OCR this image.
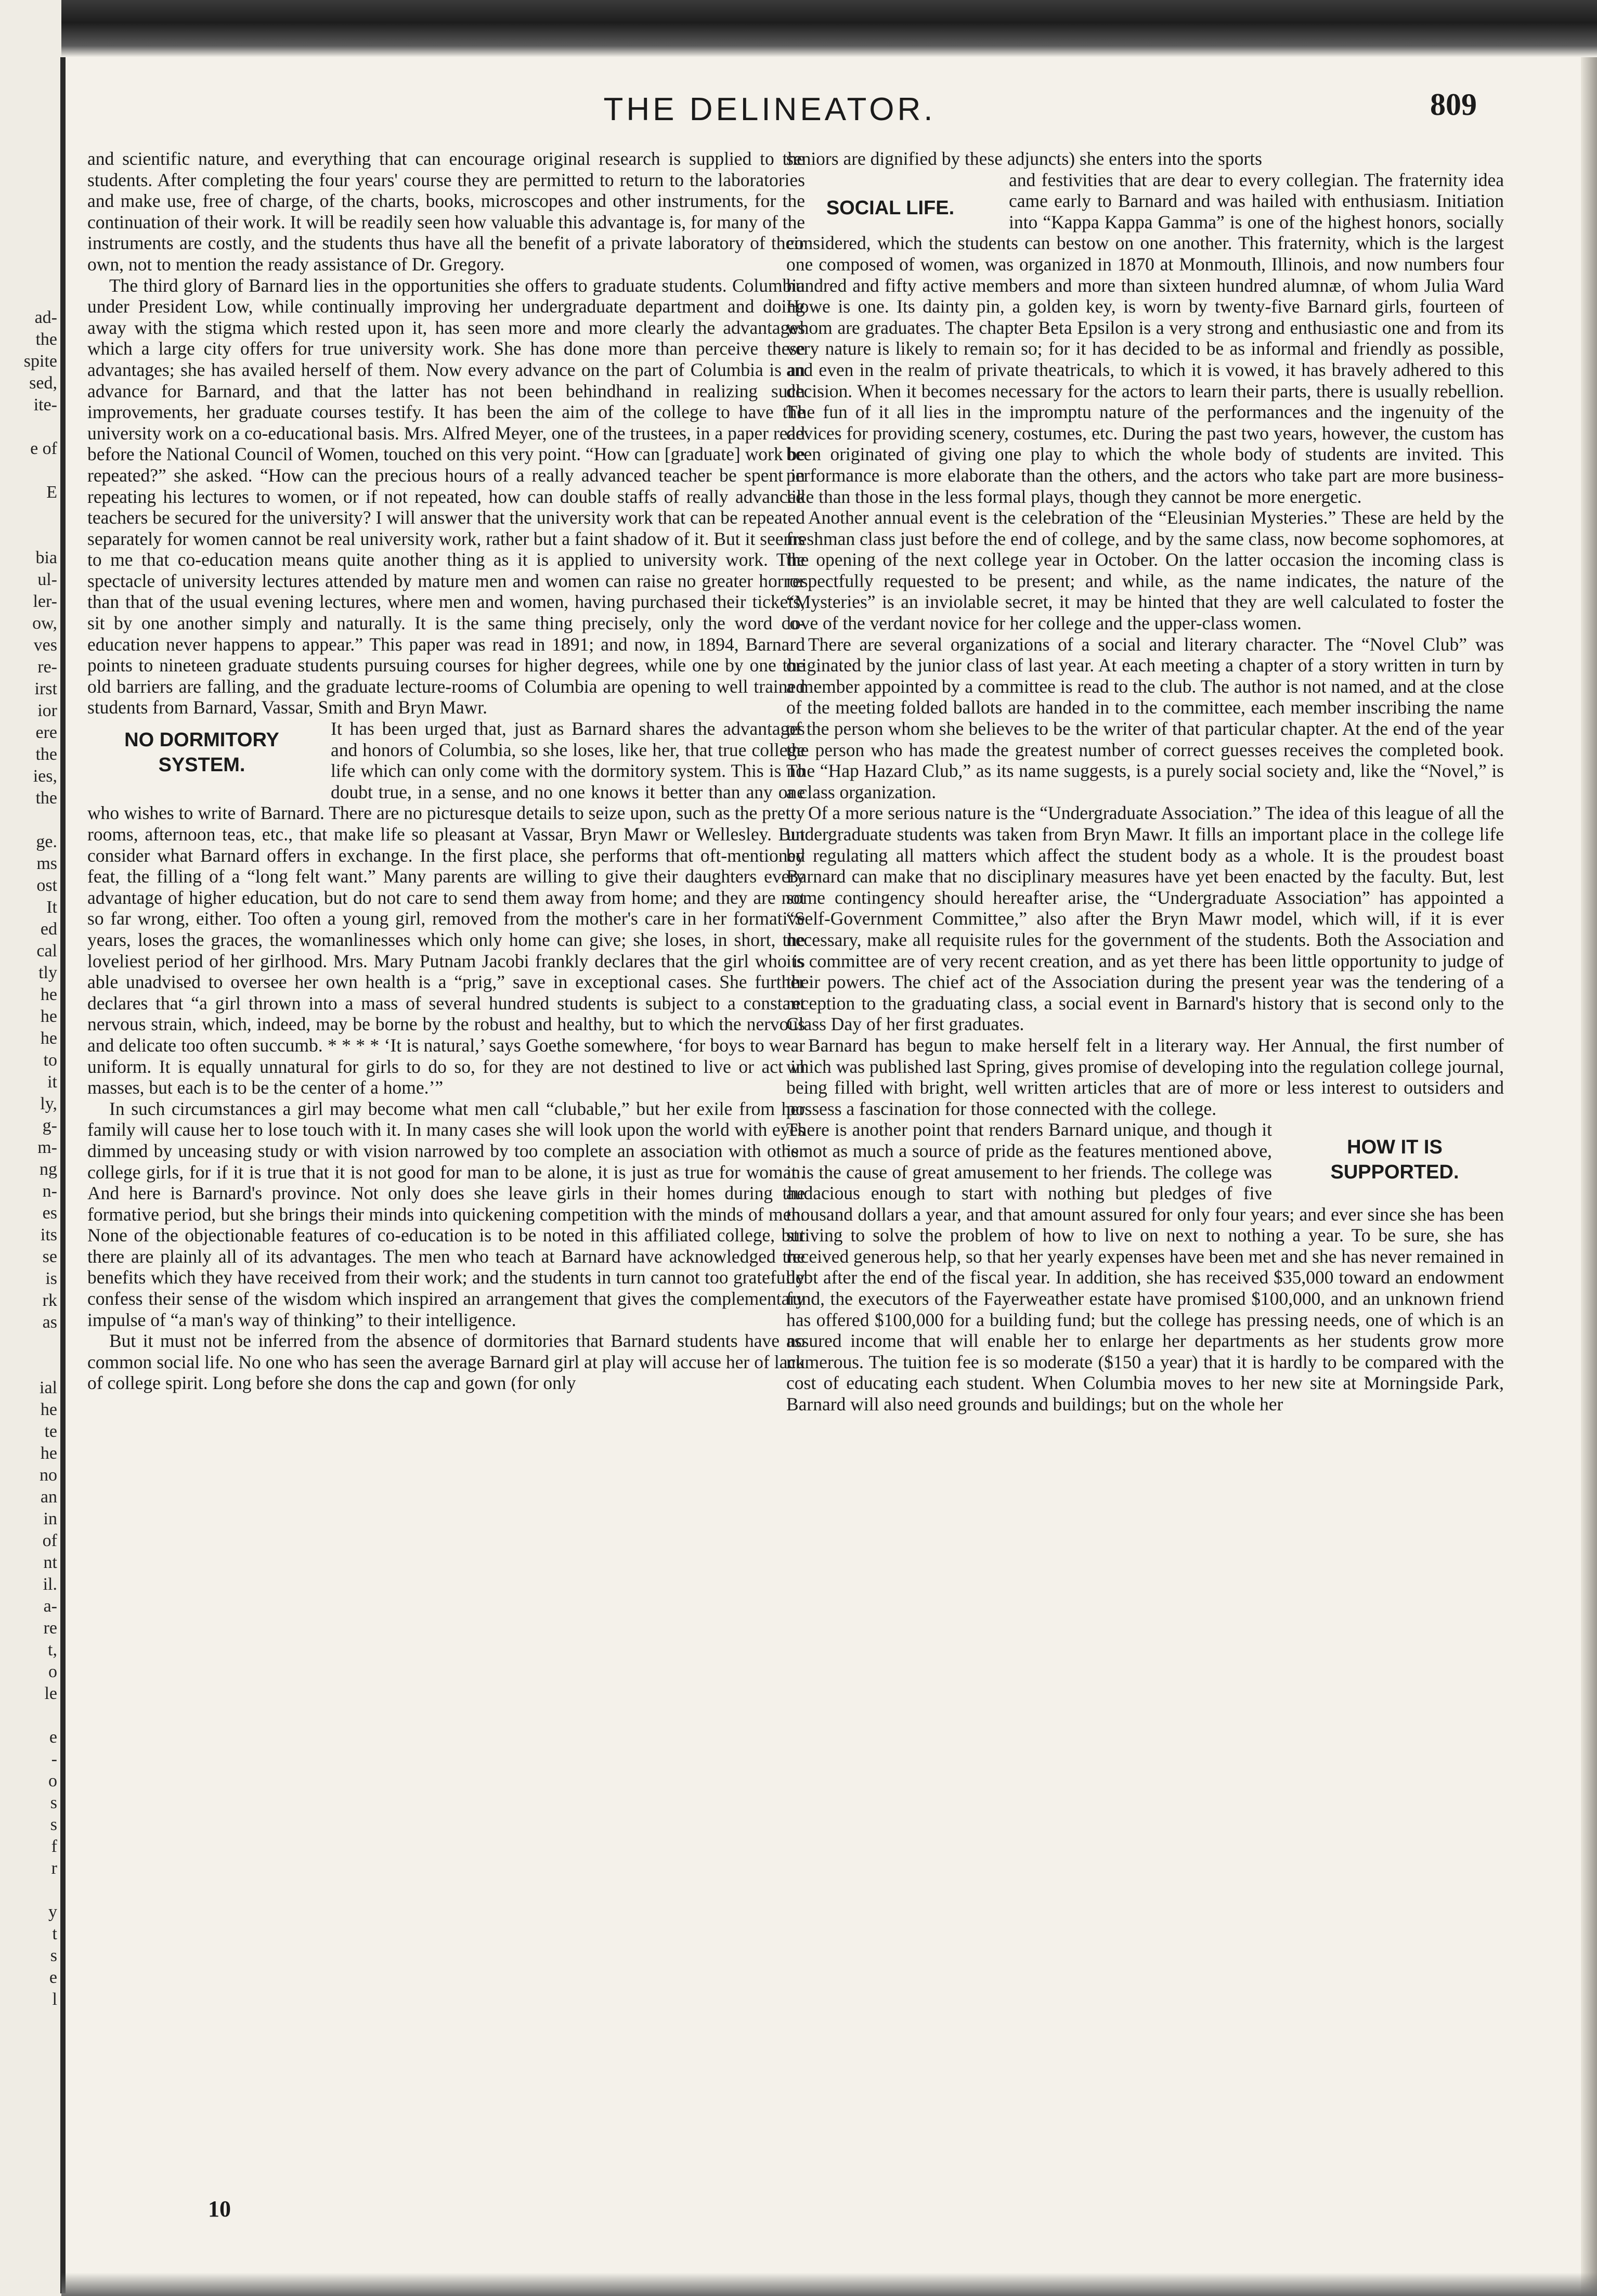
ad-
the
spite
sed,
ite-

e of

E

bia
ul-
ler-
ow,
ves
re-
irst
ior
ere
the
ies,
the

ge.
ms
ost
It
ed
cal
tly
he
he
he
to
it
ly,
g-
m-
ng
n-
es
its
se
is
rk
as

ial
he
te
he
no
an
in
of
nt
il.
a-
re
t,
o
le

e
-
o
s
s
f
r

y
t
s
e
l
THE DELINEATOR.	809

and scientific nature, and everything that can encourage original research is supplied to the students. After completing the four years' course they are permitted to return to the laboratories and make use, free of charge, of the charts, books, microscopes and other instruments, for the continuation of their work. It will be readily seen how valuable this advantage is, for many of the instruments are costly, and the students thus have all the benefit of a private laboratory of their own, not to mention the ready assistance of Dr. Gregory.

The third glory of Barnard lies in the opportunities she offers to graduate students. Columbia under President Low, while continually improving her undergraduate department and doing away with the stigma which rested upon it, has seen more and more clearly the advantages which a large city offers for true university work. She has done more than perceive these advantages; she has availed herself of them. Now every advance on the part of Columbia is an advance for Barnard, and that the latter has not been behindhand in realizing such improvements, her graduate courses testify. It has been the aim of the college to have the university work on a co-educational basis. Mrs. Alfred Meyer, one of the trustees, in a paper read before the National Council of Women, touched on this very point. “How can [graduate] work be repeated?” she asked. “How can the precious hours of a really advanced teacher be spent in repeating his lectures to women, or if not repeated, how can double staffs of really advanced teachers be secured for the university? I will answer that the university work that can be repeated separately for women cannot be real university work, rather but a faint shadow of it. But it seems to me that co-education means quite another thing as it is applied to university work. The spectacle of university lectures attended by mature men and women can raise no greater horror than that of the usual evening lectures, where men and women, having purchased their tickets, sit by one another simply and naturally. It is the same thing precisely, only the word co-education never happens to appear.” This paper was read in 1891; and now, in 1894, Barnard points to nineteen graduate students pursuing courses for higher degrees, while one by one the old barriers are falling, and the graduate lecture-rooms of Columbia are opening to well trained students from Barnard, Vassar, Smith and Bryn Mawr.

NO DORMITORY SYSTEM.

It has been urged that, just as Barnard shares the advantages and honors of Columbia, so she loses, like her, that true college life which can only come with the dormitory system. This is no doubt true, in a sense, and no one knows it better than any one who wishes to write of Barnard. There are no picturesque details to seize upon, such as the pretty rooms, afternoon teas, etc., that make life so pleasant at Vassar, Bryn Mawr or Wellesley. But consider what Barnard offers in exchange. In the first place, she performs that oft-mentioned feat, the filling of a “long felt want.” Many parents are willing to give their daughters every advantage of higher education, but do not care to send them away from home; and they are not so far wrong, either. Too often a young girl, removed from the mother's care in her formative years, loses the graces, the womanlinesses which only home can give; she loses, in short, the loveliest period of her girlhood. Mrs. Mary Putnam Jacobi frankly declares that the girl who is able unadvised to oversee her own health is a “prig,” save in exceptional cases. She further declares that “a girl thrown into a mass of several hundred students is subject to a constant nervous strain, which, indeed, may be borne by the robust and healthy, but to which the nervous and delicate too often succumb. * * * * ‘It is natural,’ says Goethe somewhere, ‘for boys to wear uniform. It is equally unnatural for girls to do so, for they are not destined to live or act in masses, but each is to be the center of a home.’”

In such circumstances a girl may become what men call “clubable,” but her exile from her family will cause her to lose touch with it. In many cases she will look upon the world with eyes dimmed by unceasing study or with vision narrowed by too complete an association with other college girls, for if it is true that it is not good for man to be alone, it is just as true for woman. And here is Barnard's province. Not only does she leave girls in their homes during the formative period, but she brings their minds into quickening competition with the minds of men. None of the objectionable features of co-education is to be noted in this affiliated college, but there are plainly all of its advantages. The men who teach at Barnard have acknowledged the benefits which they have received from their work; and the students in turn cannot too gratefully confess their sense of the wisdom which inspired an arrangement that gives the complementary impulse of “a man's way of thinking” to their intelligence.

But it must not be inferred from the absence of dormitories that Barnard students have no common social life. No one who has seen the average Barnard girl at play will accuse her of lack of college spirit. Long before she dons the cap and gown (for only

seniors are dignified by these adjuncts) she enters into the sports

SOCIAL LIFE.

and festivities that are dear to every collegian. The fraternity idea came early to Barnard and was hailed with enthusiasm. Initiation into “Kappa Kappa Gamma” is one of the highest honors, socially considered, which the students can bestow on one another. This fraternity, which is the largest one composed of women, was organized in 1870 at Monmouth, Illinois, and now numbers four hundred and fifty active members and more than sixteen hundred alumnæ, of whom Julia Ward Howe is one. Its dainty pin, a golden key, is worn by twenty-five Barnard girls, fourteen of whom are graduates. The chapter Beta Epsilon is a very strong and enthusiastic one and from its very nature is likely to remain so; for it has decided to be as informal and friendly as possible, and even in the realm of private theatricals, to which it is vowed, it has bravely adhered to this decision. When it becomes necessary for the actors to learn their parts, there is usually rebellion. The fun of it all lies in the impromptu nature of the performances and the ingenuity of the devices for providing scenery, costumes, etc. During the past two years, however, the custom has been originated of giving one play to which the whole body of students are invited. This performance is more elaborate than the others, and the actors who take part are more business-like than those in the less formal plays, though they cannot be more energetic.

Another annual event is the celebration of the “Eleusinian Mysteries.” These are held by the freshman class just before the end of college, and by the same class, now become sophomores, at the opening of the next college year in October. On the latter occasion the incoming class is respectfully requested to be present; and while, as the name indicates, the nature of the “Mysteries” is an inviolable secret, it may be hinted that they are well calculated to foster the love of the verdant novice for her college and the upper-class women.

There are several organizations of a social and literary character. The “Novel Club” was originated by the junior class of last year. At each meeting a chapter of a story written in turn by a member appointed by a committee is read to the club. The author is not named, and at the close of the meeting folded ballots are handed in to the committee, each member inscribing the name of the person whom she believes to be the writer of that particular chapter. At the end of the year the person who has made the greatest number of correct guesses receives the completed book. The “Hap Hazard Club,” as its name suggests, is a purely social society and, like the “Novel,” is a class organization.

Of a more serious nature is the “Undergraduate Association.” The idea of this league of all the undergraduate students was taken from Bryn Mawr. It fills an important place in the college life by regulating all matters which affect the student body as a whole. It is the proudest boast Barnard can make that no disciplinary measures have yet been enacted by the faculty. But, lest some contingency should hereafter arise, the “Undergraduate Association” has appointed a “Self-Government Committee,” also after the Bryn Mawr model, which will, if it is ever necessary, make all requisite rules for the government of the students. Both the Association and its committee are of very recent creation, and as yet there has been little opportunity to judge of their powers. The chief act of the Association during the present year was the tendering of a reception to the graduating class, a social event in Barnard's history that is second only to the Class Day of her first graduates.

Barnard has begun to make herself felt in a literary way. Her Annual, the first number of which was published last Spring, gives promise of developing into the regulation college journal, being filled with bright, well written articles that are of more or less interest to outsiders and possess a fascination for those connected with the college.

HOW IT IS SUPPORTED.

There is another point that renders Barnard unique, and though it is not as much a source of pride as the features mentioned above, it is the cause of great amusement to her friends. The college was audacious enough to start with nothing but pledges of five thousand dollars a year, and that amount assured for only four years; and ever since she has been striving to solve the problem of how to live on next to nothing a year. To be sure, she has received generous help, so that her yearly expenses have been met and she has never remained in debt after the end of the fiscal year. In addition, she has received $35,000 toward an endowment fund, the executors of the Fayerweather estate have promised $100,000, and an unknown friend has offered $100,000 for a building fund; but the college has pressing needs, one of which is an assured income that will enable her to enlarge her departments as her students grow more numerous. The tuition fee is so moderate ($150 a year) that it is hardly to be compared with the cost of educating each student. When Columbia moves to her new site at Morningside Park, Barnard will also need grounds and buildings; but on the whole her

10
